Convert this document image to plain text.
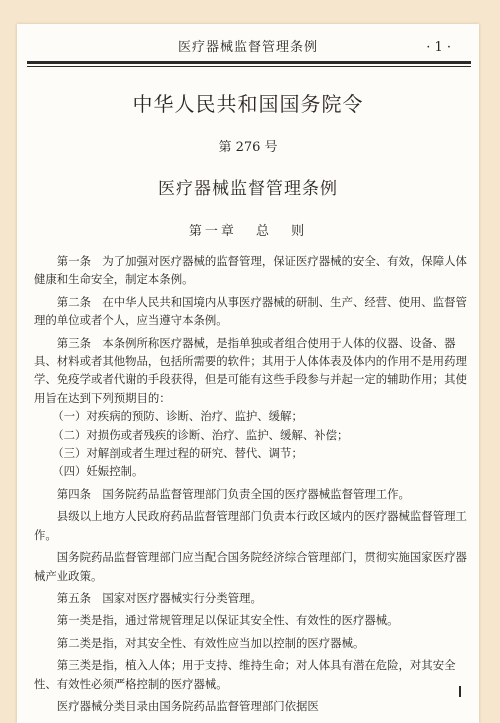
医疗器械监督管理条例	· 1 ·
中华人民共和国国务院令

第 276 号

医疗器械监督管理条例

第一章 总 则

第一条　为了加强对医疗器械的监督管理，保证医疗器械的安全、有效，保障人体健康和生命安全，制定本条例。

第二条　在中华人民共和国境内从事医疗器械的研制、生产、经营、使用、监督管理的单位或者个人，应当遵守本条例。

第三条　本条例所称医疗器械，是指单独或者组合使用于人体的仪器、设备、器具、材料或者其他物品，包括所需要的软件；其用于人体体表及体内的作用不是用药理学、免疫学或者代谢的手段获得，但是可能有这些手段参与并起一定的辅助作用；其使用旨在达到下列预期目的：

（一）对疾病的预防、诊断、治疗、监护、缓解；

（二）对损伤或者残疾的诊断、治疗、监护、缓解、补偿；

（三）对解剖或者生理过程的研究、替代、调节；

（四）妊娠控制。

第四条　国务院药品监督管理部门负责全国的医疗器械监督管理工作。

县级以上地方人民政府药品监督管理部门负责本行政区域内的医疗器械监督管理工作。

国务院药品监督管理部门应当配合国务院经济综合管理部门，贯彻实施国家医疗器械产业政策。

第五条　国家对医疗器械实行分类管理。

第一类是指，通过常规管理足以保证其安全性、有效性的医疗器械。

第二类是指，对其安全性、有效性应当加以控制的医疗器械。

第三类是指，植入人体；用于支持、维持生命；对人体具有潜在危险，对其安全性、有效性必须严格控制的医疗器械。

医疗器械分类目录由国务院药品监督管理部门依据医
